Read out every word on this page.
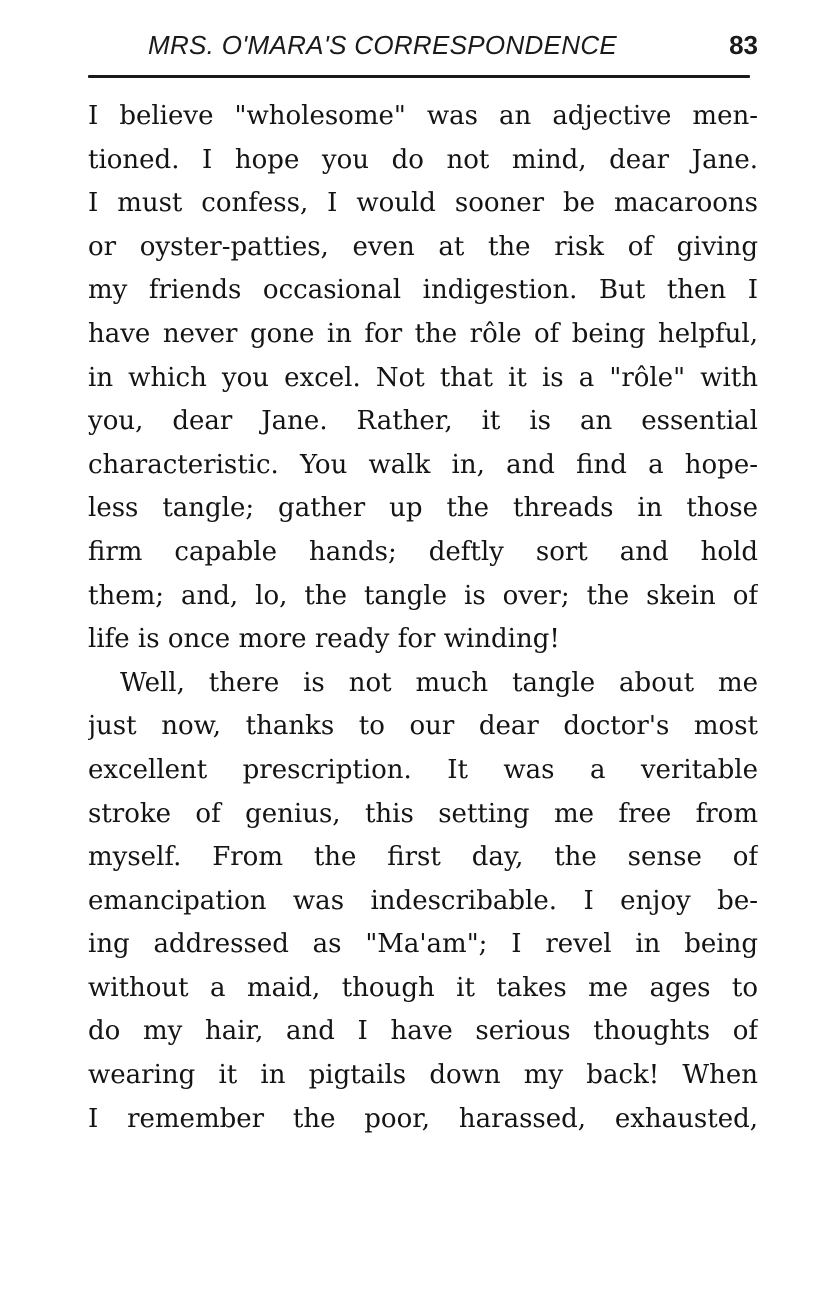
MRS. O'MARA'S CORRESPONDENCE	83
I believe "wholesome" was an adjective men-
tioned. I hope you do not mind, dear Jane.
I must confess, I would sooner be macaroons
or oyster-patties, even at the risk of giving
my friends occasional indigestion. But then I
have never gone in for the rôle of being helpful,
in which you excel. Not that it is a "rôle" with
you, dear Jane. Rather, it is an essential
characteristic. You walk in, and find a hope-
less tangle; gather up the threads in those
firm capable hands; deftly sort and hold
them; and, lo, the tangle is over; the skein of
life is once more ready for winding!
Well, there is not much tangle about me
just now, thanks to our dear doctor's most
excellent prescription. It was a veritable
stroke of genius, this setting me free from
myself. From the first day, the sense of
emancipation was indescribable. I enjoy be-
ing addressed as "Ma'am"; I revel in being
without a maid, though it takes me ages to
do my hair, and I have serious thoughts of
wearing it in pigtails down my back! When
I remember the poor, harassed, exhausted,
